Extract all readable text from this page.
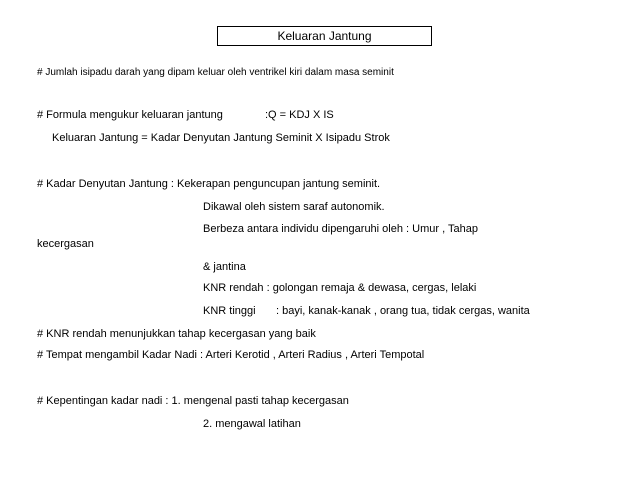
Keluaran Jantung
# Jumlah isipadu darah yang dipam keluar oleh ventrikel kiri dalam masa seminit
# Formula mengukur keluaran jantung	:Q = KDJ X IS
Keluaran Jantung = Kadar Denyutan Jantung Seminit X Isipadu Strok
# Kadar Denyutan Jantung : Kekerapan penguncupan jantung seminit.
Dikawal oleh sistem saraf autonomik.
Berbeza antara individu dipengaruhi oleh : Umur , Tahap
kecergasan
& jantina
KNR rendah : golongan remaja & dewasa, cergas, lelaki
KNR tinggi : bayi, kanak-kanak , orang tua, tidak cergas, wanita
# KNR rendah menunjukkan tahap kecergasan yang baik
# Tempat mengambil Kadar Nadi : Arteri Kerotid , Arteri Radius , Arteri Tempotal
# Kepentingan kadar nadi : 1. mengenal pasti tahap kecergasan
2. mengawal latihan
